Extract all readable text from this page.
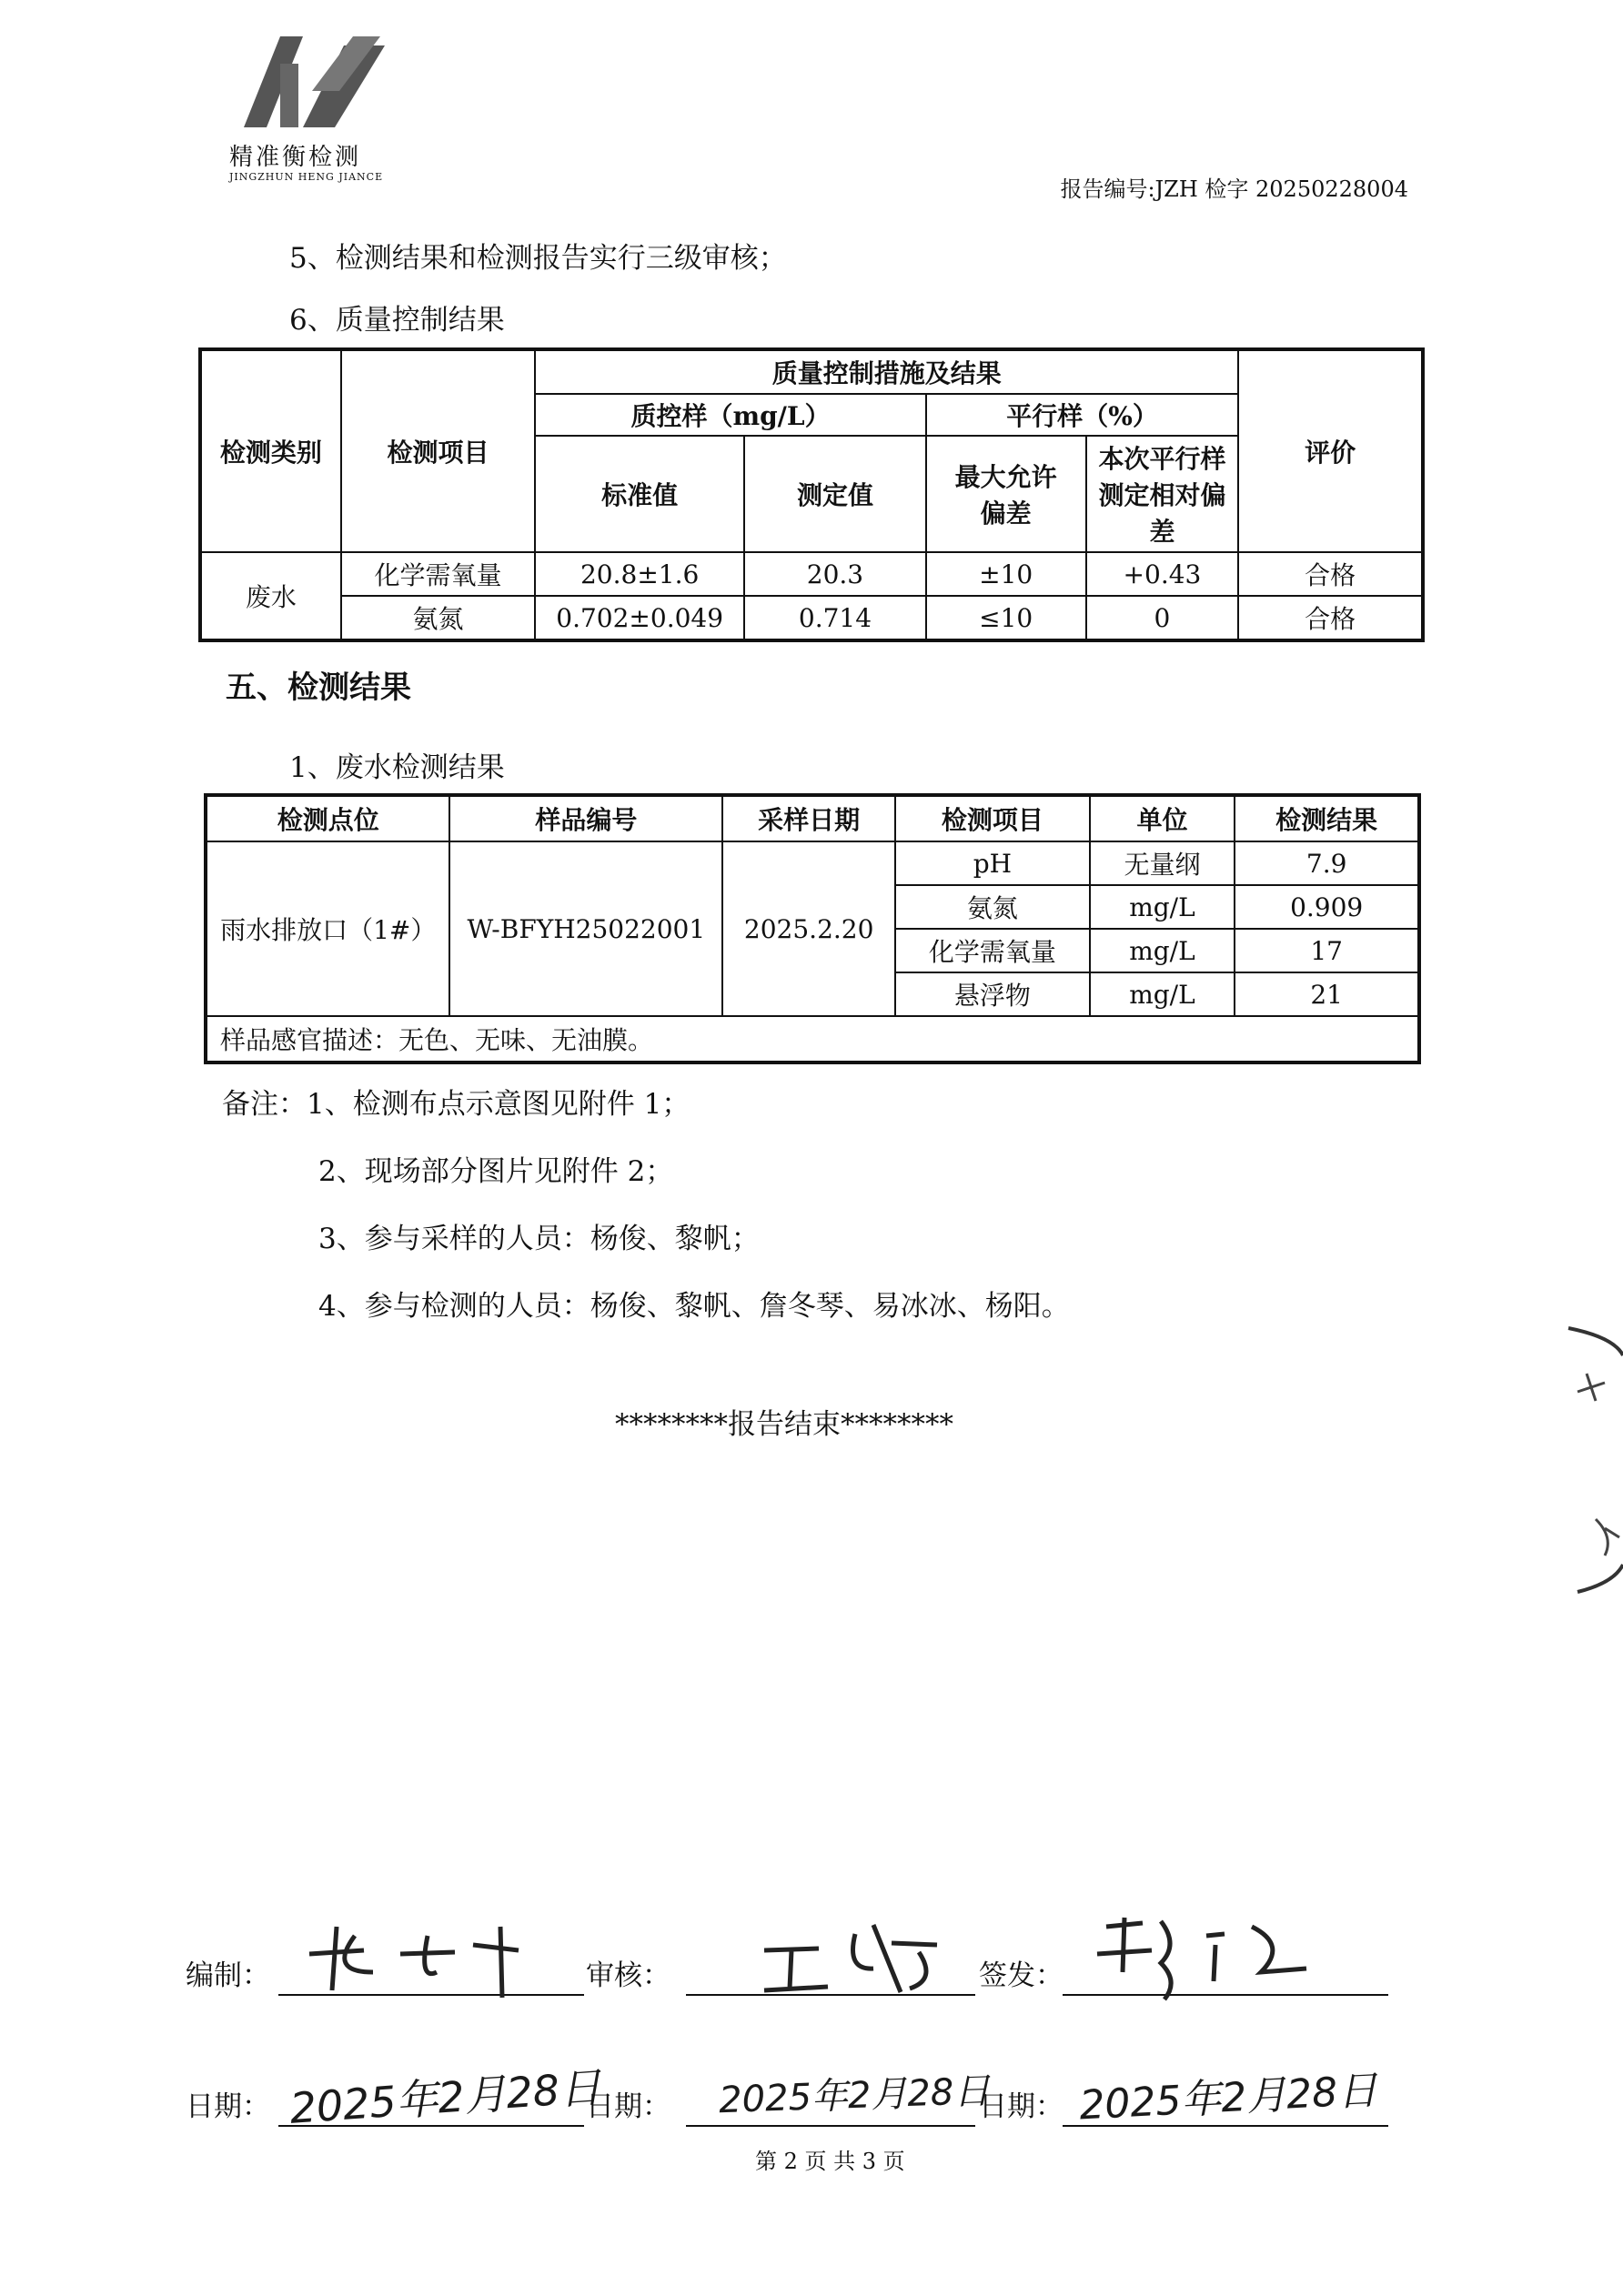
精准衡检测
JINGZHUN HENG JIANCE	报告编号:JZH 检字 20250228004
5、检测结果和检测报告实行三级审核；
6、质量控制结果
检测类别	检测项目	质量控制措施及结果				评价
		质控样（mg/L）		平行样（%）		
		标准值	测定值	最大允许偏差	本次平行样测定相对偏差	
废水	化学需氧量	20.8±1.6	20.3	±10	+0.43	合格
	氨氮	0.702±0.049	0.714	≤10	0	合格
五、检测结果
1、废水检测结果
检测点位	样品编号	采样日期	检测项目	单位	检测结果
雨水排放口（1#）	W-BFYH25022001	2025.2.20	pH	无量纲	7.9
			氨氮	mg/L	0.909
			化学需氧量	mg/L	17
			悬浮物	mg/L	21
样品感官描述：无色、无味、无油膜。					
备注：1、检测布点示意图见附件 1；
2、现场部分图片见附件 2；
3、参与采样的人员：杨俊、黎帆；
4、参与检测的人员：杨俊、黎帆、詹冬琴、易冰冰、杨阳。
********报告结束********
编制：	审核：	签发：
日期： 2025年2月28日
日期： 2025年2月28日
日期： 2025年2月28日
第 2 页 共 3 页
